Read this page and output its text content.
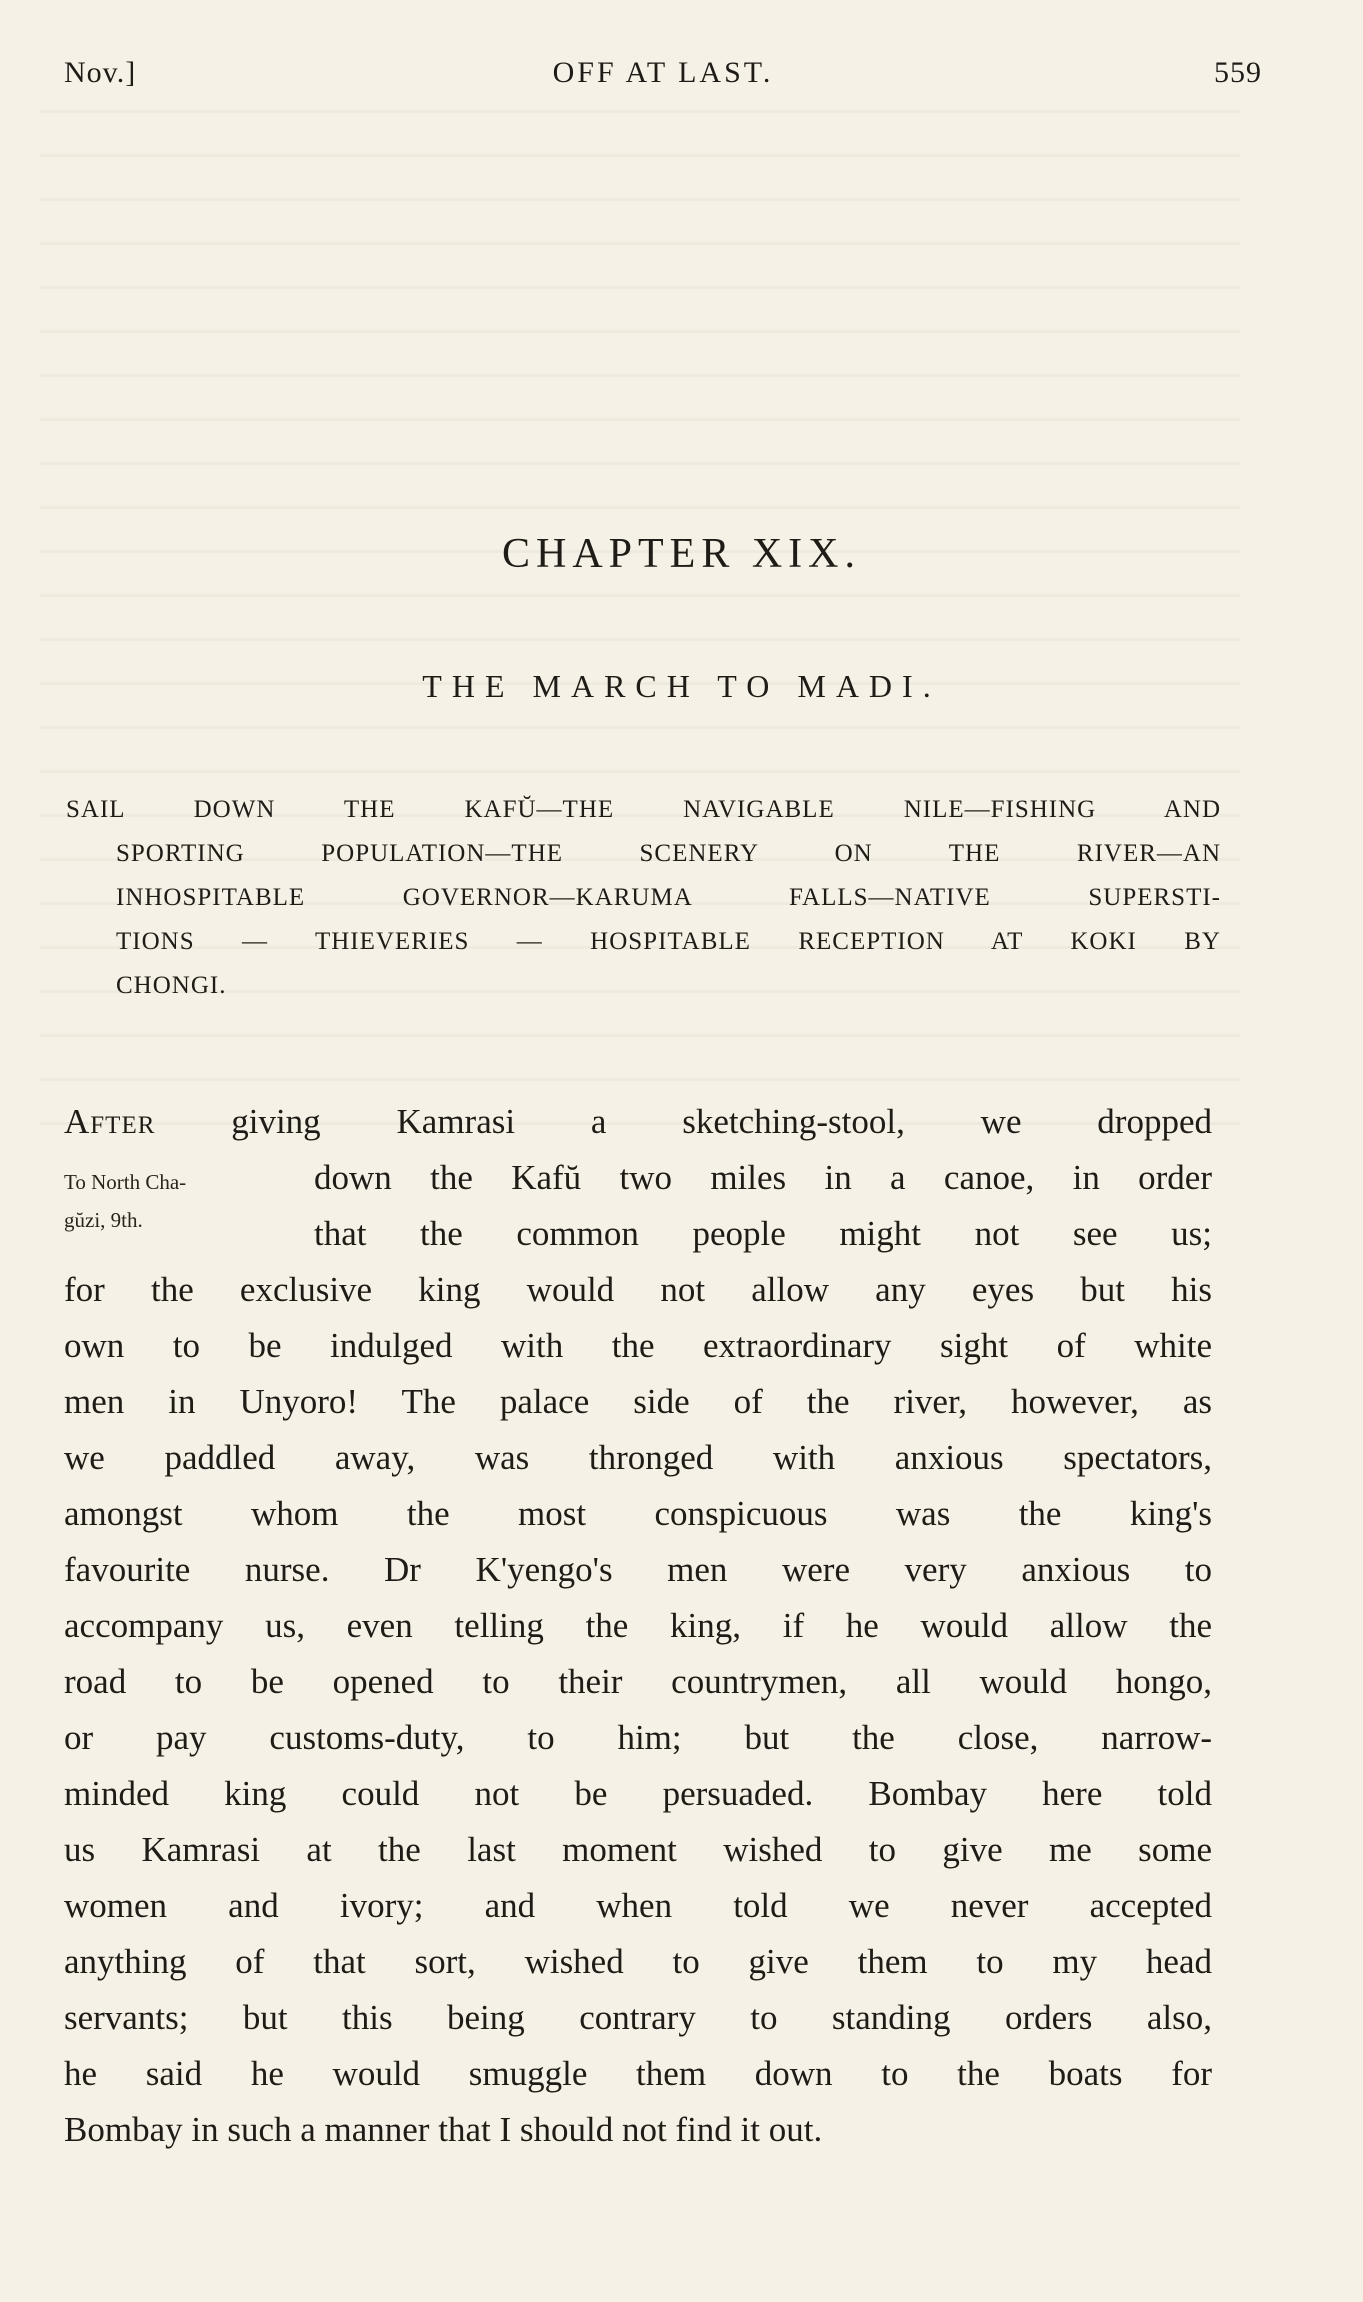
Nov.]	OFF AT LAST.	559
CHAPTER XIX.
THE MARCH TO MADI.
SAIL DOWN THE KAFŬ—THE NAVIGABLE NILE—FISHING AND
SPORTING POPULATION—THE SCENERY ON THE RIVER—AN
INHOSPITABLE GOVERNOR—KARUMA FALLS—NATIVE SUPERSTI-
TIONS — THIEVERIES — HOSPITABLE RECEPTION AT KOKI BY
CHONGI.
To North Cha-
gŭzi, 9th.
After giving Kamrasi a sketching-stool, we dropped
down the Kafŭ two miles in a canoe, in order
that the common people might not see us;
for the exclusive king would not allow any eyes but his
own to be indulged with the extraordinary sight of white
men in Unyoro! The palace side of the river, however, as
we paddled away, was thronged with anxious spectators,
amongst whom the most conspicuous was the king's
favourite nurse. Dr K'yengo's men were very anxious to
accompany us, even telling the king, if he would allow the
road to be opened to their countrymen, all would hongo,
or pay customs-duty, to him; but the close, narrow-
minded king could not be persuaded. Bombay here told
us Kamrasi at the last moment wished to give me some
women and ivory; and when told we never accepted
anything of that sort, wished to give them to my head
servants; but this being contrary to standing orders also,
he said he would smuggle them down to the boats for
Bombay in such a manner that I should not find it out.
